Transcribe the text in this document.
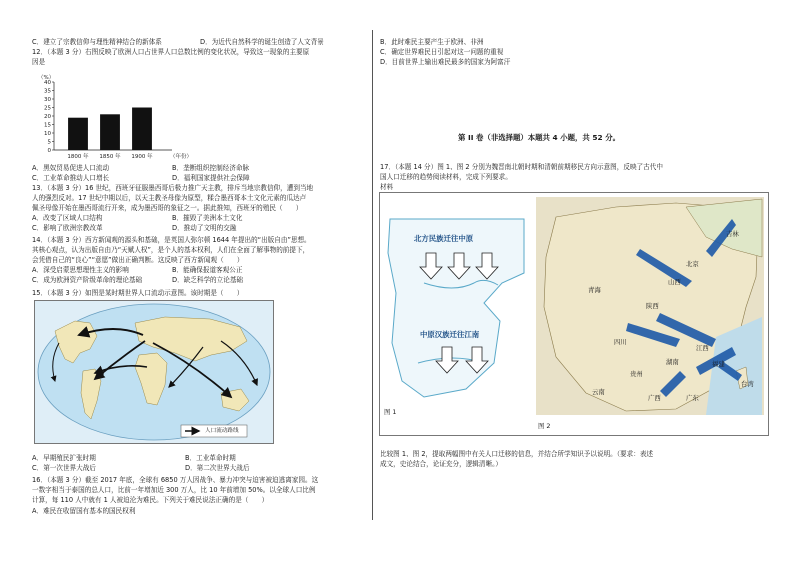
C．建立了宗教信仰与理性精神结合的新体系	D．为近代自然科学的诞生创造了人文背景
12．（本题 3 分）右图反映了欧洲人口占世界人口总数比例的变化状况，导致这一现象的主要原
因是
0
5
10
15
20
25
30
35
40
（%）
1800 年 1850 年 1900 年	（年份）
A．黑奴贸易促进人口流动	B．垄断组织控制经济命脉
C．工业革命推动人口增长	D．福利国家提供社会保障
13．（本题 3 分）16 世纪，西班牙征服墨西哥后极力推广天主教，排斥当地宗教信仰，遭到当地
人的强烈反对。17 世纪中期以后，以天主教圣母像为原型，糅合墨西哥本土文化元素的瓜达卢
佩圣母像开始在墨西哥流行开来，成为墨西哥的象征之一。据此推知，西班牙的殖民（　　）
A．改变了区域人口结构	B．摧毁了美洲本土文化
C．影响了欧洲宗教改革	D．推动了文明的交融
14．（本题 3 分）西方新闻观的源头和基础，是英国人弥尔顿 1644 年提出的“出版自由”思想。
其核心观点，认为出版自由乃“天赋人权”，是个人的基本权利，人们在全面了解事物的前提下，
会凭借自己的“良心”“意愿”做出正确判断。这反映了西方新闻观（　　）
A．深受启蒙思想理性主义的影响	B．能确保报道客观公正
C．成为欧洲资产阶级革命的理论基础	D．缺乏科学的立论基础
15．（本题 3 分）如图是某时期世界人口流动示意图。该时期是（　　）
人口流动路线
A．早期殖民扩张时期	B．工业革命时期
C．第一次世界大战后	D．第二次世界大战后
16．（本题 3 分）截至 2017 年底，全球有 6850 万人因战争、暴力冲突与迫害被迫逃离家园。这
一数字相当于泰国的总人口，比前一年增加近 300 万人，比 10 年前增加 50%。以全球人口比例
计算，每 110 人中就有 1 人被迫沦为难民。下列关于难民说法正确的是（　　）
A．难民在收留国有基本的国民权利
B．此时难民主要产生于欧洲、非洲
C．确定世界难民日引起对这一问题的重视
D．目前世界上输出难民最多的国家为阿富汗
第 II 卷（非选择题）本题共 4 小题，共 52 分。
17．（本题 14 分）图 1、图 2 分别为魏晋南北朝时期和清朝前期移民方向示意图，反映了古代中
国人口迁移的趋势阅读材料，完成下列要求。
材料
北方民族迁往中原
中原汉族迁往江南
图 1
吉林
北京
青海
四川
贵州
广西
福建
台湾
湖南
陕西
山西
江西
广东
云南
图 2
比较图 1、图 2，提取两幅图中有关人口迁移的信息，并结合所学知识予以说明。（要求：表述
成文，史论结合，论证充分，逻辑清晰。）
